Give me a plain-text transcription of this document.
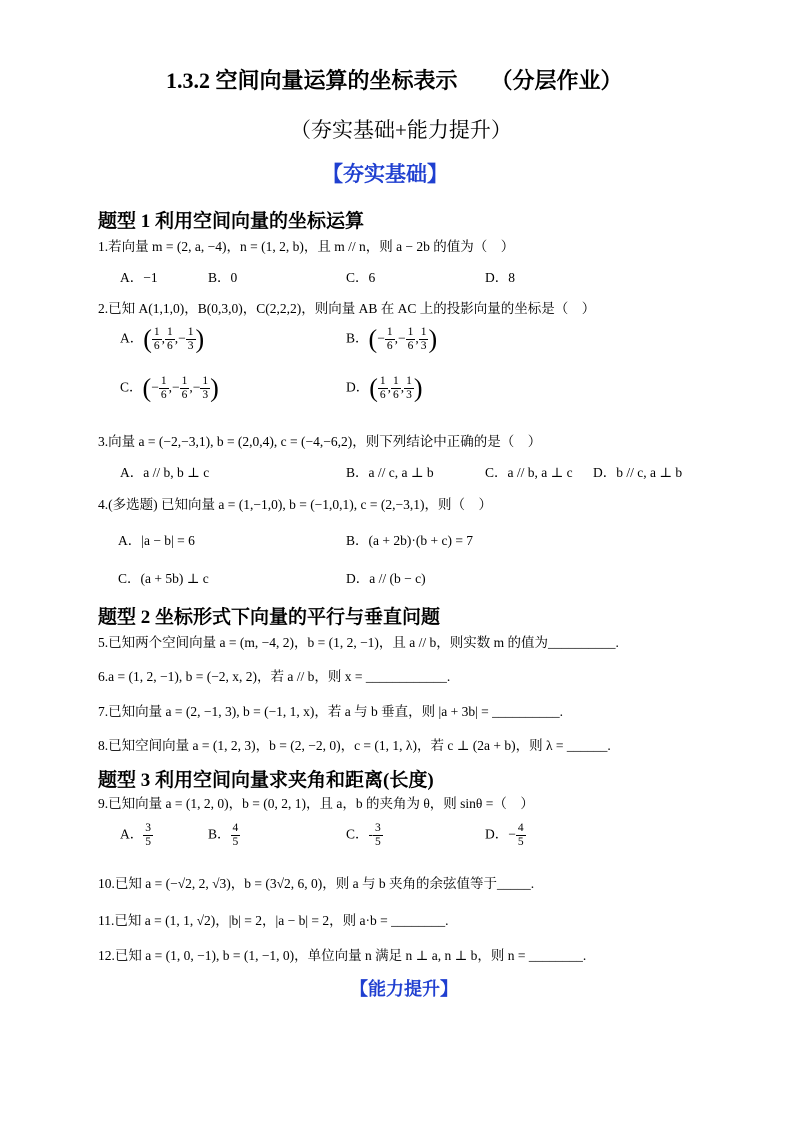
1.3.2 空间向量运算的坐标表示　　（分层作业）
（夯实基础+能力提升）
【夯实基础】
题型 1 利用空间向量的坐标运算
1.若向量 m = (2, a, −4)，n = (1, 2, b)，且 m // n，则 a − 2b 的值为（　）
A．−1	B．0	C．6	D．8
2.已知 A(1,1,0)，B(0,3,0)，C(2,2,2)，则向量 AB 在 AC 上的投影向量的坐标是（　）
A．( $\frac{1}{6}$ , $\frac{1}{6}$ ,− $\frac{1}{3}$ )	B．(− $\frac{1}{6}$ ,− $\frac{1}{6}$ , $\frac{1}{3}$ )
C．(− $\frac{1}{6}$ ,− $\frac{1}{6}$ ,− $\frac{1}{3}$ )	D．( $\frac{1}{6}$ , $\frac{1}{6}$ , $\frac{1}{3}$ )
3.向量 a = (−2,−3,1), b = (2,0,4), c = (−4,−6,2)，则下列结论中正确的是（　）
A．a // b, b ⊥ c	B．a // c, a ⊥ b	C．a // b, a ⊥ c D．b // c, a ⊥ b
4.(多选题) 已知向量 a = (1,−1,0), b = (−1,0,1), c = (2,−3,1)，则（　）
A．|a − b| = 6	B．(a + 2b)·(b + c) = 7
C．(a + 5b) ⊥ c	D．a // (b − c)
题型 2 坐标形式下向量的平行与垂直问题
5.已知两个空间向量 a = (m, −4, 2)，b = (1, 2, −1)，且 a // b，则实数 m 的值为__________.
6.a = (1, 2, −1), b = (−2, x, 2)，若 a // b，则 x = ____________.
7.已知向量 a = (2, −1, 3), b = (−1, 1, x)，若 a 与 b 垂直，则 |a + 3b| = __________.
8.已知空间向量 a = (1, 2, 3)，b = (2, −2, 0)，c = (1, 1, λ)，若 c ⊥ (2a + b)，则 λ = ______.
题型 3 利用空间向量求夹角和距离(长度)
9.已知向量 a = (1, 2, 0)，b = (0, 2, 1)，且 a，b 的夹角为 θ，则 sinθ =（　）
A． $\frac{3}{5}$	B． $\frac{4}{5}$	C．- $\frac{3}{5}$	D．− $\frac{4}{5}$
10.已知 a = (−√2, 2, √3)，b = (3√2, 6, 0)，则 a 与 b 夹角的余弦值等于_____.
11.已知 a = (1, 1, √2)，|b| = 2，|a − b| = 2，则 a·b = ________.
12.已知 a = (1, 0, −1), b = (1, −1, 0)，单位向量 n 满足 n ⊥ a, n ⊥ b，则 n = ________.
【能力提升】
